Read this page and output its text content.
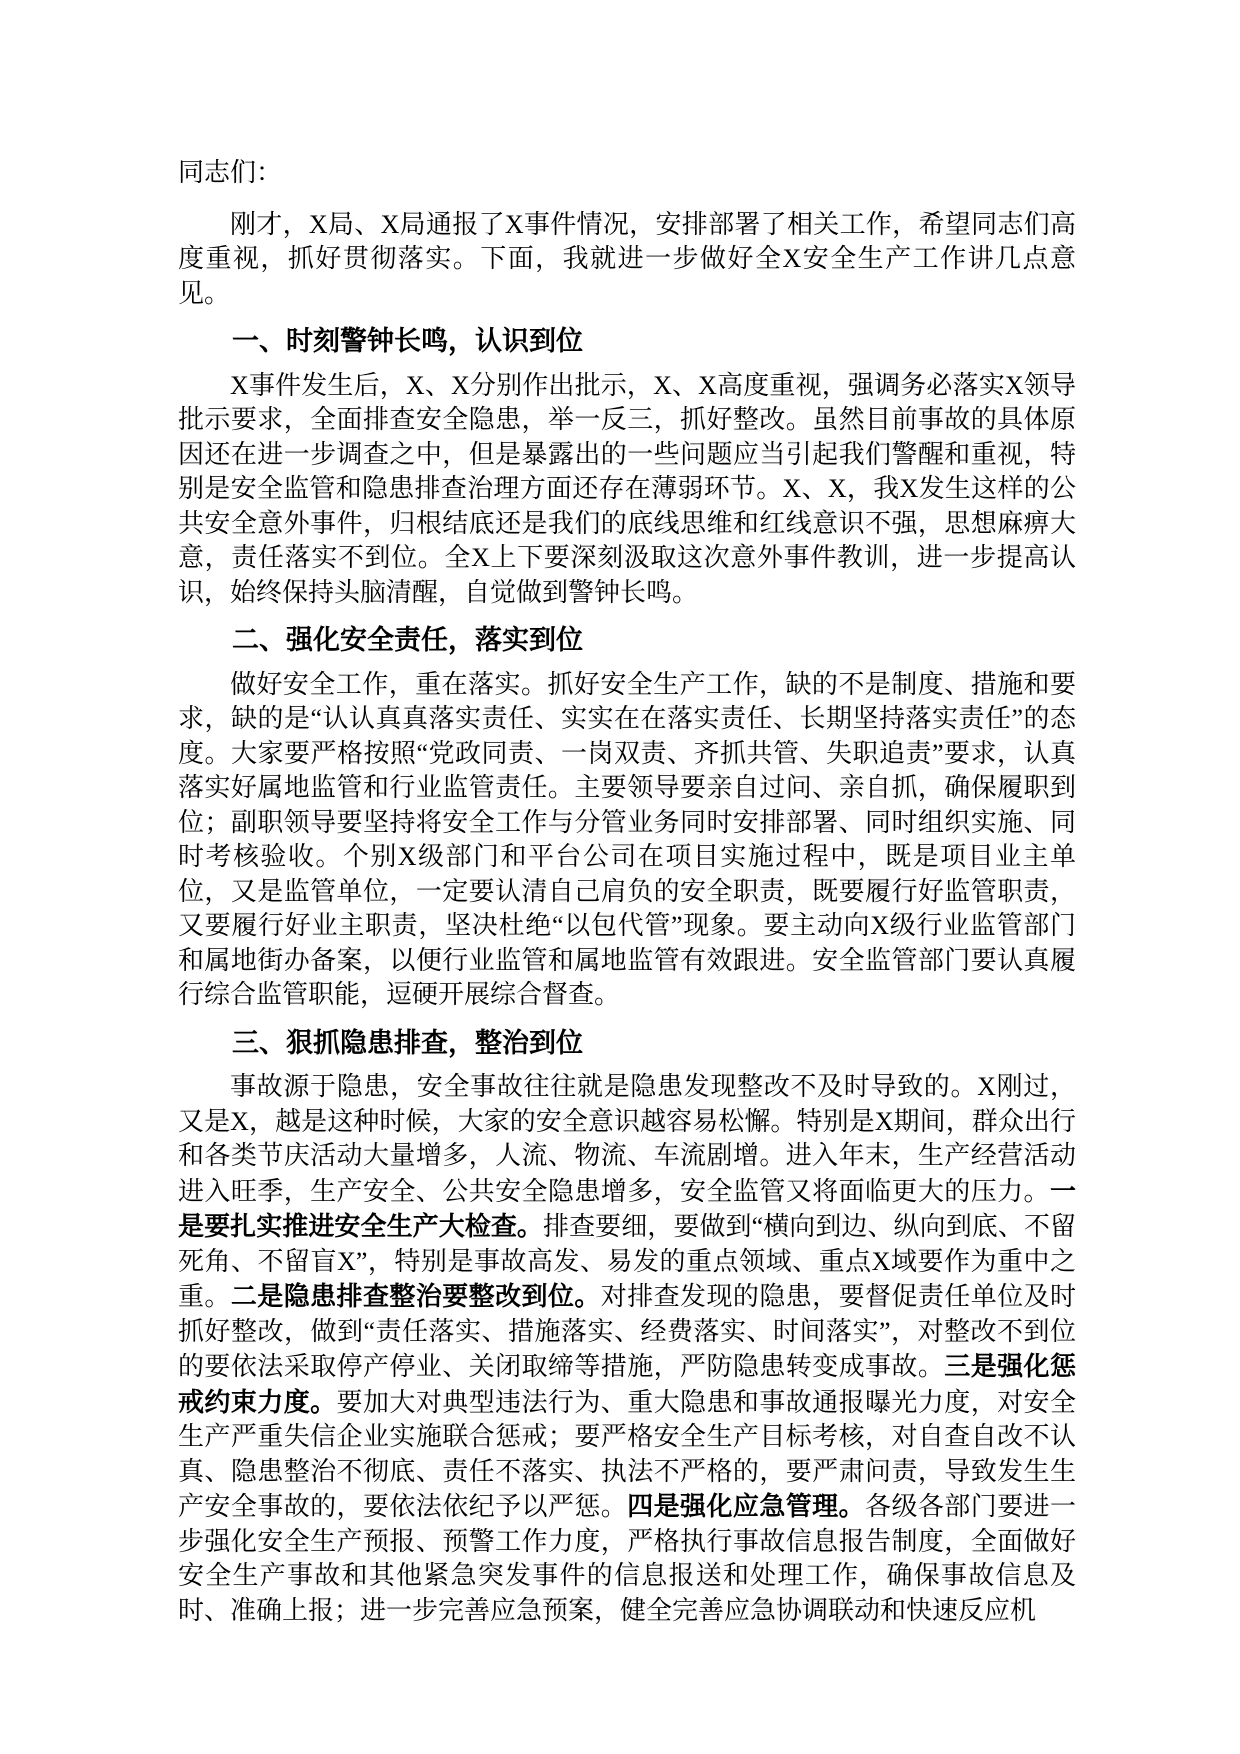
同志们：

刚才，X局、X局通报了X事件情况，安排部署了相关工作，希望同志们高度重视，抓好贯彻落实。下面，我就进一步做好全X安全生产工作讲几点意见。

一、时刻警钟长鸣，认识到位

X事件发生后，X、X分别作出批示，X、X高度重视，强调务必落实X领导批示要求，全面排查安全隐患，举一反三，抓好整改。虽然目前事故的具体原因还在进一步调查之中，但是暴露出的一些问题应当引起我们警醒和重视，特别是安全监管和隐患排查治理方面还存在薄弱环节。X、X，我X发生这样的公共安全意外事件，归根结底还是我们的底线思维和红线意识不强，思想麻痹大意，责任落实不到位。全X上下要深刻汲取这次意外事件教训，进一步提高认识，始终保持头脑清醒，自觉做到警钟长鸣。

二、强化安全责任，落实到位

做好安全工作，重在落实。抓好安全生产工作，缺的不是制度、措施和要求，缺的是“认认真真落实责任、实实在在落实责任、长期坚持落实责任”的态度。大家要严格按照“党政同责、一岗双责、齐抓共管、失职追责”要求，认真落实好属地监管和行业监管责任。主要领导要亲自过问、亲自抓，确保履职到位；副职领导要坚持将安全工作与分管业务同时安排部署、同时组织实施、同时考核验收。个别X级部门和平台公司在项目实施过程中，既是项目业主单位，又是监管单位，一定要认清自己肩负的安全职责，既要履行好监管职责，又要履行好业主职责，坚决杜绝“以包代管”现象。要主动向X级行业监管部门和属地街办备案，以便行业监管和属地监管有效跟进。安全监管部门要认真履行综合监管职能，逗硬开展综合督查。

三、狠抓隐患排查，整治到位

事故源于隐患，安全事故往往就是隐患发现整改不及时导致的。X刚过，又是X，越是这种时候，大家的安全意识越容易松懈。特别是X期间，群众出行和各类节庆活动大量增多，人流、物流、车流剧增。进入年末，生产经营活动进入旺季，生产安全、公共安全隐患增多，安全监管又将面临更大的压力。一是要扎实推进安全生产大检查。排查要细，要做到“横向到边、纵向到底、不留死角、不留盲X”，特别是事故高发、易发的重点领域、重点X域要作为重中之重。二是隐患排查整治要整改到位。对排查发现的隐患，要督促责任单位及时抓好整改，做到“责任落实、措施落实、经费落实、时间落实”，对整改不到位的要依法采取停产停业、关闭取缔等措施，严防隐患转变成事故。三是强化惩戒约束力度。要加大对典型违法行为、重大隐患和事故通报曝光力度，对安全生产严重失信企业实施联合惩戒；要严格安全生产目标考核，对自查自改不认真、隐患整治不彻底、责任不落实、执法不严格的，要严肃问责，导致发生生产安全事故的，要依法依纪予以严惩。四是强化应急管理。各级各部门要进一步强化安全生产预报、预警工作力度，严格执行事故信息报告制度，全面做好安全生产事故和其他紧急突发事件的信息报送和处理工作，确保事故信息及时、准确上报；进一步完善应急预案，健全完善应急协调联动和快速反应机
